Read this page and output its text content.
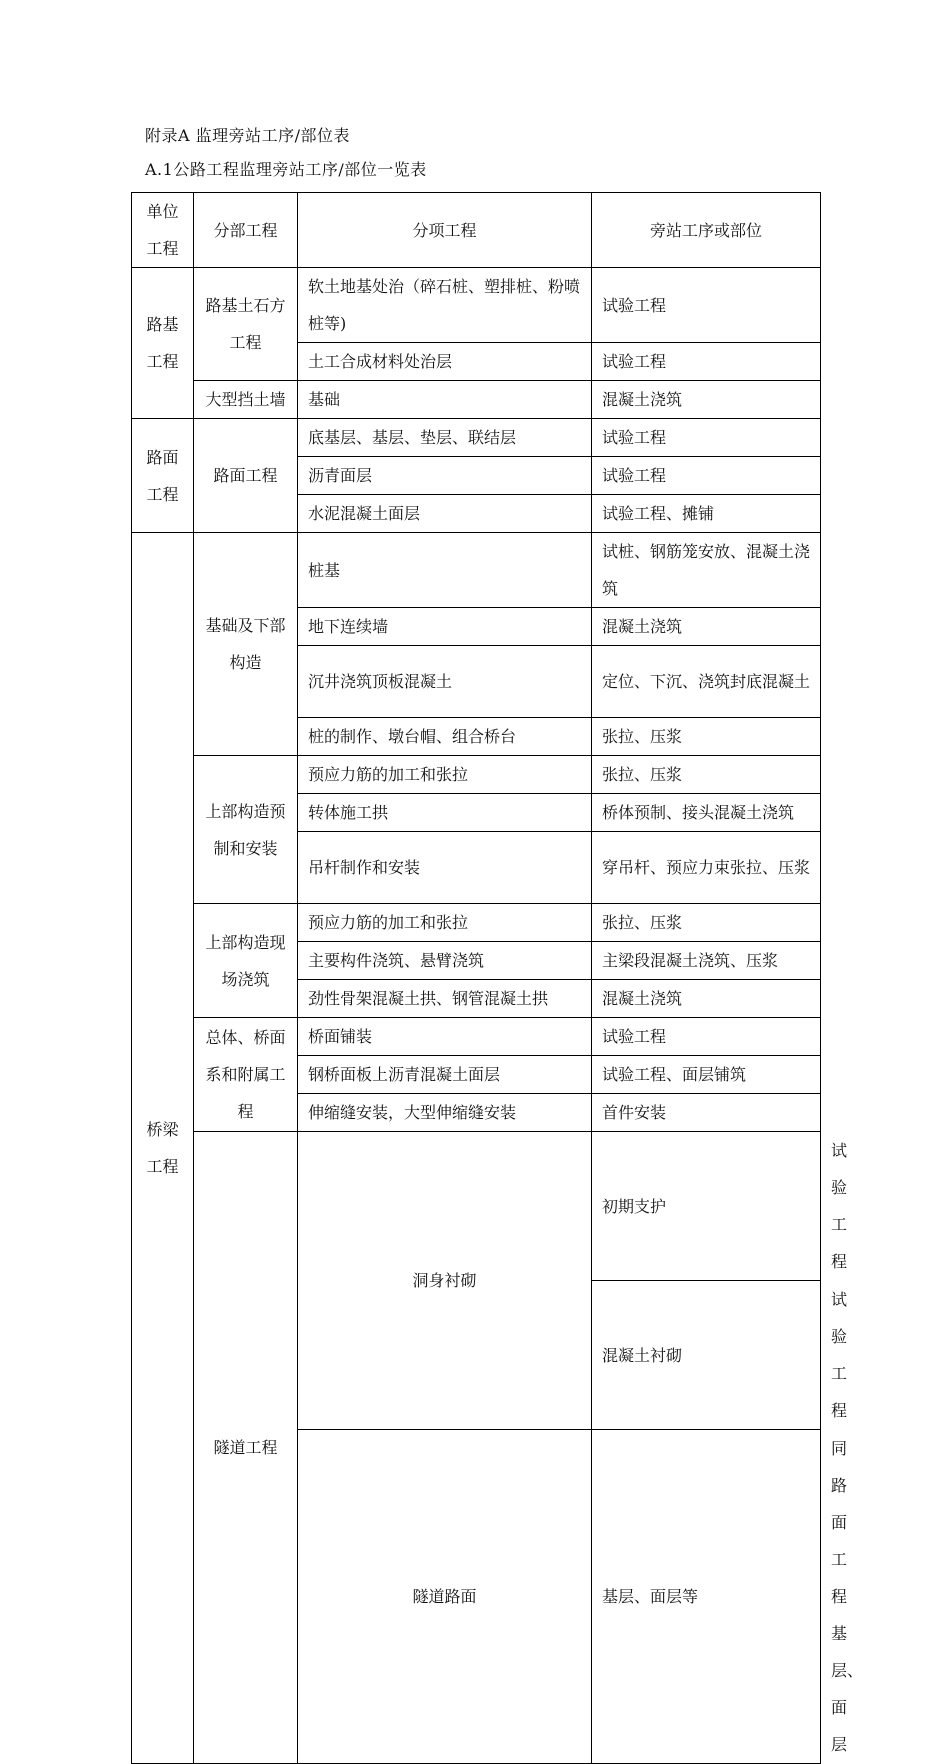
附录A 监理旁站工序/部位表
A.1公路工程监理旁站工序/部位一览表
单位工程	分部工程	分项工程	旁站工序或部位	
路基工程	路基土石方工程	软土地基处治（碎石桩、塑排桩、粉喷桩等)	试验工程	
		土工合成材料处治层	试验工程	
	大型挡土墙	基础	混凝土浇筑	
路面工程	路面工程	底基层、基层、垫层、联结层	试验工程	
		沥青面层	试验工程	
		水泥混凝土面层	试验工程、摊铺	
桥梁工程	基础及下部构造	桩基	试桩、钢筋笼安放、混凝土浇筑	
		地下连续墙	混凝土浇筑	
		沉井浇筑顶板混凝土	定位、下沉、浇筑封底混凝土	
		桩的制作、墩台帽、组合桥台	张拉、压浆	
	上部构造预制和安装	预应力筋的加工和张拉	张拉、压浆	
		转体施工拱	桥体预制、接头混凝土浇筑	
		吊杆制作和安装	穿吊杆、预应力束张拉、压浆	
	上部构造现场浇筑	预应力筋的加工和张拉	张拉、压浆	
		主要构件浇筑、悬臂浇筑	主梁段混凝土浇筑、压浆	
		劲性骨架混凝土拱、钢管混凝土拱	混凝土浇筑	
	总体、桥面系和附属工程	桥面铺装	试验工程	
		钢桥面板上沥青混凝土面层	试验工程、面层铺筑	
		伸缩缝安装，大型伸缩缝安装	首件安装	
	隧道工程	洞身衬砌	初期支护	试验工程
			混凝土衬砌	试验工程
		隧道路面	基层、面层等	同路面工程基层、面层
